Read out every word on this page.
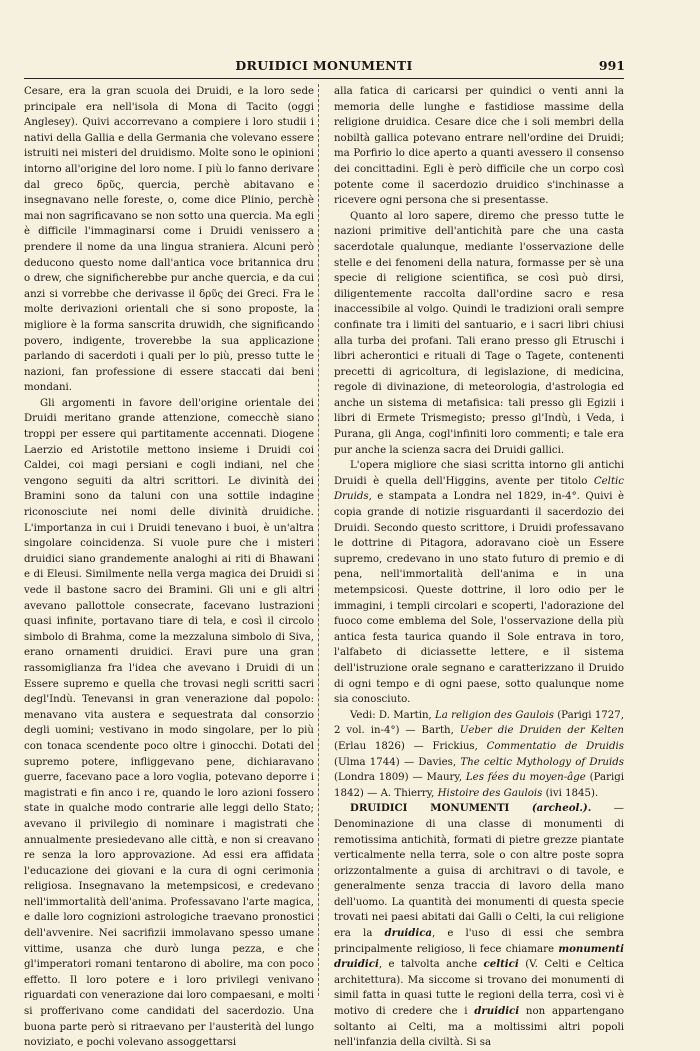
DRUIDICI MONUMENTI	991

Cesare, era la gran scuola dei Druidi, e la loro sede principale era nell'isola di Mona di Tacito (oggi Anglesey). Quivi accorrevano a compiere i loro studii i nativi della Gallia e della Germania che volevano essere istruiti nei misteri del druidismo. Molte sono le opinioni intorno all'origine del loro nome. I più lo fanno derivare dal greco δρῦς, quercia, perchè abitavano e insegnavano nelle foreste, o, come dice Plinio, perchè mai non sagrificavano se non sotto una quercia. Ma egli è difficile l'immaginarsi come i Druidi venissero a prendere il nome da una lingua straniera. Alcuni però deducono questo nome dall'antica voce britannica dru o drew, che significherebbe pur anche quercia, e da cui anzi si vorrebbe che derivasse il δρῦς dei Greci. Fra le molte derivazioni orientali che si sono proposte, la migliore è la forma sanscrita druwidh, che significando povero, indigente, troverebbe la sua applicazione parlando di sacerdoti i quali per lo più, presso tutte le nazioni, fan professione di essere staccati dai beni mondani.

Gli argomenti in favore dell'origine orientale dei Druidi meritano grande attenzione, comecchè siano troppi per essere qui partitamente accennati. Diogene Laerzio ed Aristotile mettono insieme i Druidi coi Caldei, coi magi persiani e cogli indiani, nel che vengono seguiti da altri scrittori. Le divinità dei Bramini sono da taluni con una sottile indagine riconosciute nei nomi delle divinità druidiche. L'importanza in cui i Druidi tenevano i buoi, è un'altra singolare coincidenza. Si vuole pure che i misteri druidici siano grandemente analoghi ai riti di Bhawani e di Eleusi. Similmente nella verga magica dei Druidi si vede il bastone sacro dei Bramini. Gli uni e gli altri avevano pallottole consecrate, facevano lustrazioni quasi infinite, portavano tiare di tela, e così il circolo simbolo di Brahma, come la mezzaluna simbolo di Siva, erano ornamenti druidici. Eravi pure una gran rassomiglianza fra l'idea che avevano i Druidi di un Essere supremo e quella che trovasi negli scritti sacri degl'Indù. Tenevansi in gran venerazione dal popolo: menavano vita austera e sequestrata dal consorzio degli uomini; vestivano in modo singolare, per lo più con tonaca scendente poco oltre i ginocchi. Dotati del supremo potere, infliggevano pene, dichiaravano guerre, facevano pace a loro voglia, potevano deporre i magistrati e fin anco i re, quando le loro azioni fossero state in qualche modo contrarie alle leggi dello Stato; avevano il privilegio di nominare i magistrati che annualmente presiedevano alle città, e non si creavano re senza la loro approvazione. Ad essi era affidata l'educazione dei giovani e la cura di ogni cerimonia religiosa. Insegnavano la metempsicosi, e credevano nell'immortalità dell'anima. Professavano l'arte magica, e dalle loro cognizioni astrologiche traevano pronostici dell'avvenire. Nei sacrifizii immolavano spesso umane vittime, usanza che durò lunga pezza, e che gl'imperatori romani tentarono di abolire, ma con poco effetto. Il loro potere e i loro privilegi venivano riguardati con venerazione dai loro compaesani, e molti si profferivano come candidati del sacerdozio. Una buona parte però si ritraevano per l'austerità del lungo noviziato, e pochi volevano assoggettarsi

alla fatica di caricarsi per quindici o venti anni la memoria delle lunghe e fastidiose massime della religione druidica. Cesare dice che i soli membri della nobiltà gallica potevano entrare nell'ordine dei Druidi; ma Porfirio lo dice aperto a quanti avessero il consenso dei concittadini. Egli è però difficile che un corpo così potente come il sacerdozio druidico s'inchinasse a ricevere ogni persona che si presentasse.

Quanto al loro sapere, diremo che presso tutte le nazioni primitive dell'antichità pare che una casta sacerdotale qualunque, mediante l'osservazione delle stelle e dei fenomeni della natura, formasse per sè una specie di religione scientifica, se così può dirsi, diligentemente raccolta dall'ordine sacro e resa inaccessibile al volgo. Quindi le tradizioni orali sempre confinate tra i limiti del santuario, e i sacri libri chiusi alla turba dei profani. Tali erano presso gli Etruschi i libri acherontici e rituali di Tage o Tagete, contenenti precetti di agricoltura, di legislazione, di medicina, regole di divinazione, di meteorologia, d'astrologia ed anche un sistema di metafisica: tali presso gli Egizii i libri di Ermete Trismegisto; presso gl'Indù, i Veda, i Purana, gli Anga, cogl'infiniti loro commenti; e tale era pur anche la scienza sacra dei Druidi gallici.

L'opera migliore che siasi scritta intorno gli antichi Druidi è quella dell'Higgins, avente per titolo Celtic Druids, e stampata a Londra nel 1829, in-4°. Quivi è copia grande di notizie risguardanti il sacerdozio dei Druidi. Secondo questo scrittore, i Druidi professavano le dottrine di Pitagora, adoravano cioè un Essere supremo, credevano in uno stato futuro di premio e di pena, nell'immortalità dell'anima e in una metempsicosi. Queste dottrine, il loro odio per le immagini, i templi circolari e scoperti, l'adorazione del fuoco come emblema del Sole, l'osservazione della più antica festa taurica quando il Sole entrava in toro, l'alfabeto di diciassette lettere, e il sistema dell'istruzione orale segnano e caratterizzano il Druido di ogni tempo e di ogni paese, sotto qualunque nome sia conosciuto.

Vedi: D. Martin, La religion des Gaulois (Parigi 1727, 2 vol. in-4°) — Barth, Ueber die Druiden der Kelten (Erlau 1826) — Frickius, Commentatio de Druidis (Ulma 1744) — Davies, The celtic Mythology of Druids (Londra 1809) — Maury, Les fées du moyen-âge (Parigi 1842) — A. Thierry, Histoire des Gaulois (ivi 1845).

DRUIDICI MONUMENTI (archeol.). — Denominazione di una classe di monumenti di remotissima antichità, formati di pietre grezze piantate verticalmente nella terra, sole o con altre poste sopra orizzontalmente a guisa di architravi o di tavole, e generalmente senza traccia di lavoro della mano dell'uomo. La quantità dei monumenti di questa specie trovati nei paesi abitati dai Galli o Celti, la cui religione era la druidica, e l'uso di essi che sembra principalmente religioso, li fece chiamare monumenti druidici, e talvolta anche celtici (V. Celti e Celtica architettura). Ma siccome si trovano dei monumenti di simil fatta in quasi tutte le regioni della terra, così vi è motivo di credere che i druidici non appartengano soltanto ai Celti, ma a moltissimi altri popoli nell'infanzia della civiltà. Si sa
